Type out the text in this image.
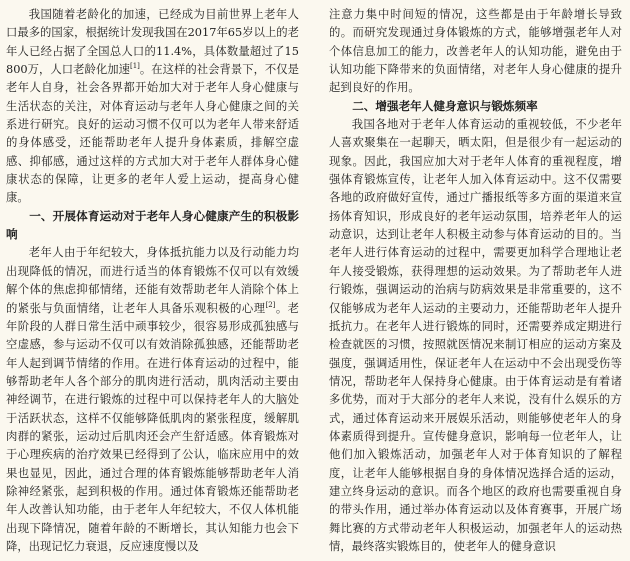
我国随着老龄化的加速，已经成为目前世界上老年人口最多的国家，根据统计发现我国在2017年65岁以上的老年人已经占据了全国总人口的11.4%，具体数量超过了15 800万，人口老龄化加速[1]。在这样的社会背景下，不仅是老年人自身，社会各界都开始加大对于老年人身心健康与生活状态的关注，对体育运动与老年人身心健康之间的关系进行研究。良好的运动习惯不仅可以为老年人带来舒适的身体感受，还能帮助老年人提升身体素质，排解空虚感、抑郁感，通过这样的方式加大对于老年人群体身心健康状态的保障，让更多的老年人爱上运动，提高身心健康。

一、开展体育运动对于老年人身心健康产生的积极影响

老年人由于年纪较大，身体抵抗能力以及行动能力均出现降低的情况，而进行适当的体育锻炼不仅可以有效缓解个体的焦虑抑郁情绪，还能有效帮助老年人消除个体上的紧张与负面情绪，让老年人具备乐观积极的心理[2]。老年阶段的人群日常生活中顽事较少，很容易形成孤独感与空虚感，参与运动不仅可以有效消除孤独感，还能帮助老年人起到调节情绪的作用。在进行体育运动的过程中，能够帮助老年人各个部分的肌肉进行活动，肌肉活动主要由神经调节，在进行锻炼的过程中可以保持老年人的大脑处于活跃状态，这样不仅能够降低肌肉的紧张程度，缓解肌肉群的紧张，运动过后肌肉还会产生舒适感。体育锻炼对于心理疾病的治疗效果已经得到了公认，临床应用中的效果也显见，因此，通过合理的体育锻炼能够帮助老年人消除神经紧张，起到积极的作用。通过体育锻炼还能帮助老年人改善认知功能，由于老年人年纪较大，不仅人体机能出现下降情况，随着年龄的不断增长，其认知能力也会下降，出现记忆力衰退，反应速度慢以及

注意力集中时间短的情况，这些都是由于年龄增长导致的。而研究发现通过身体锻炼的方式，能够增强老年人对个体信息加工的能力，改善老年人的认知功能，避免由于认知功能下降带来的负面情绪，对老年人身心健康的提升起到良好的作用。

二、增强老年人健身意识与锻炼频率

我国各地对于老年人体育运动的重视较低，不少老年人喜欢聚集在一起聊天，晒太阳，但是很少有一起运动的现象。因此，我国应加大对于老年人体育的重视程度，增强体育锻炼宣传，让老年人加入体育运动中。这不仅需要各地的政府做好宣传，通过广播报纸等多方面的渠道来宣扬体育知识，形成良好的老年运动氛围，培养老年人的运动意识，达到让老年人积极主动参与体育运动的目的。当老年人进行体育运动的过程中，需要更加科学合理地让老年人接受锻炼，获得理想的运动效果。为了帮助老年人进行锻炼，强调运动的治病与防病效果是非常重要的，这不仅能够成为老年人运动的主要动力，还能帮助老年人提升抵抗力。在老年人进行锻炼的同时，还需要养成定期进行检查就医的习惯，按照就医情况来制订相应的运动方案及强度，强调适用性，保证老年人在运动中不会出现受伤等情况，帮助老年人保持身心健康。由于体育运动是有着诸多优势，而对于大部分的老年人来说，没有什么娱乐的方式，通过体育运动来开展娱乐活动，则能够使老年人的身体素质得到提升。宣传健身意识，影响每一位老年人，让他们加入锻炼活动，加强老年人对于体育知识的了解程度，让老年人能够根据自身的身体情况选择合适的运动，建立终身运动的意识。而各个地区的政府也需要重视自身的带头作用，通过举办体育运动以及体育赛事，开展广场舞比赛的方式带动老年人积极运动，加强老年人的运动热情，最终落实锻炼目的，使老年人的健身意识
